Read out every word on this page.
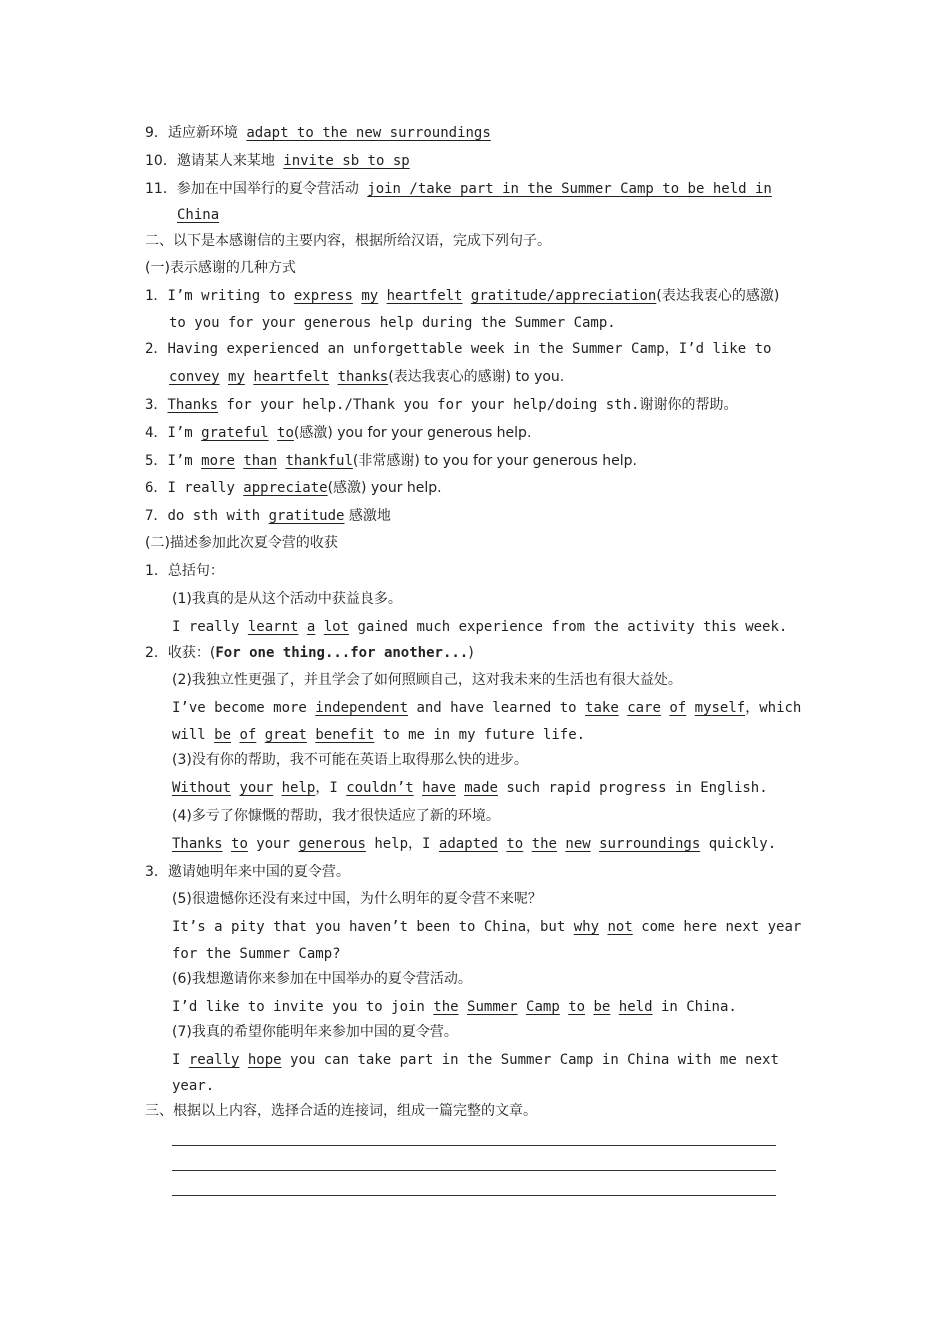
9．适应新环境 adapt to the new surroundings
10．邀请某人来某地 invite sb to sp
11．参加在中国举行的夏令营活动 join /take part in the Summer Camp to be held in
China
二、以下是本感谢信的主要内容，根据所给汉语，完成下列句子。
(一)表示感谢的几种方式
1．I’m writing to express my heartfelt gratitude/appreciation(表达我衷心的感激)
to you for your generous help during the Summer Camp.
2．Having experienced an unforgettable week in the Summer Camp，I’d like to
convey my heartfelt thanks(表达我衷心的感谢) to you.
3．Thanks for your help./Thank you for your help/doing sth.谢谢你的帮助。
4．I’m grateful to(感激) you for your generous help.
5．I’m more than thankful(非常感谢) to you for your generous help.
6．I really appreciate(感激) your help.
7．do sth with gratitude 感激地
(二)描述参加此次夏令营的收获
1．总括句：
(1)我真的是从这个活动中获益良多。
I really learnt a lot gained much experience from the activity this week.
2．收获：(For one thing...for another...)
(2)我独立性更强了，并且学会了如何照顾自己，这对我未来的生活也有很大益处。
I’ve become more independent and have learned to take care of myself，which
will be of great benefit to me in my future life.
(3)没有你的帮助，我不可能在英语上取得那么快的进步。
Without your help，I couldn’t have made such rapid progress in English.
(4)多亏了你慷慨的帮助，我才很快适应了新的环境。
Thanks to your generous help，I adapted to the new surroundings quickly.
3．邀请她明年来中国的夏令营。
(5)很遗憾你还没有来过中国，为什么明年的夏令营不来呢？
It’s a pity that you haven’t been to China，but why not come here next year
for the Summer Camp?
(6)我想邀请你来参加在中国举办的夏令营活动。
I’d like to invite you to join the Summer Camp to be held in China.
(7)我真的希望你能明年来参加中国的夏令营。
I really hope you can take part in the Summer Camp in China with me next
year.
三、根据以上内容，选择合适的连接词，组成一篇完整的文章。
